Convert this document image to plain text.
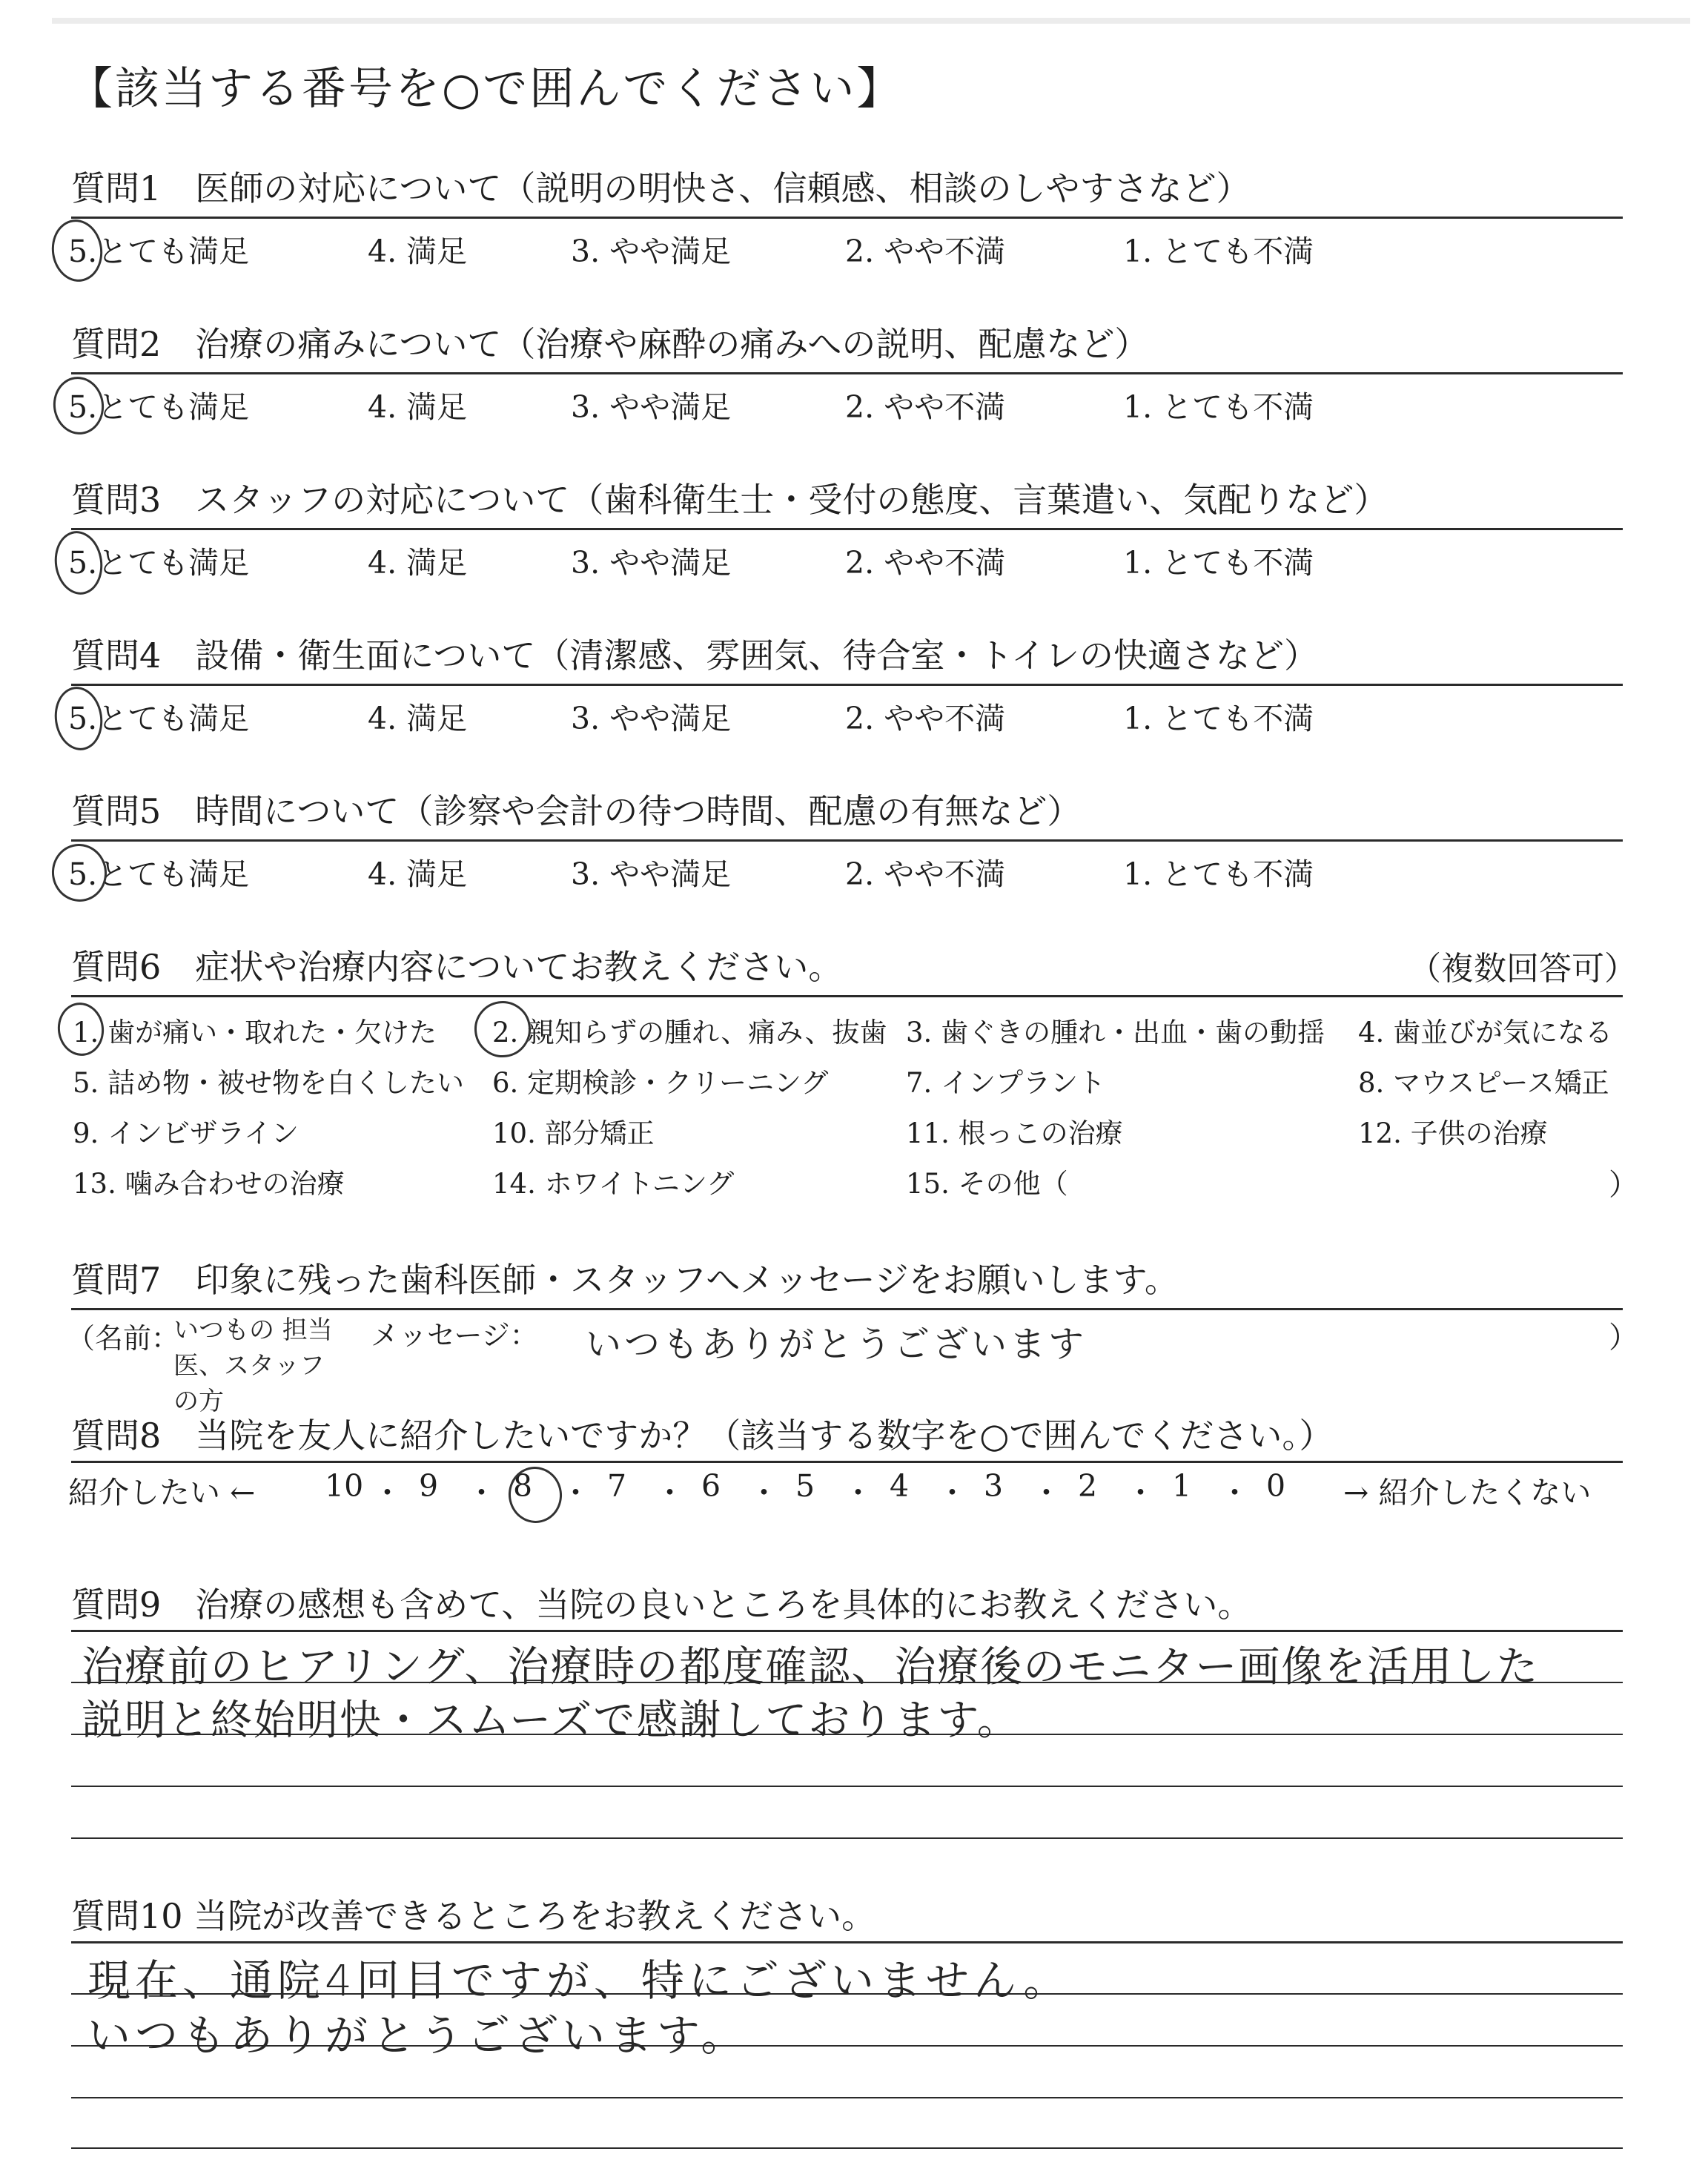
【該当する番号を○で囲んでください】
質問1　医師の対応について（説明の明快さ、信頼感、相談のしやすさなど）
5.とても満足	4. 満足	3. やや満足	2. やや不満	1. とても不満
質問2　治療の痛みについて（治療や麻酔の痛みへの説明、配慮など）
5.とても満足	4. 満足	3. やや満足	2. やや不満	1. とても不満
質問3　スタッフの対応について（歯科衛生士・受付の態度、言葉遣い、気配りなど）
5.とても満足	4. 満足	3. やや満足	2. やや不満	1. とても不満
質問4　設備・衛生面について（清潔感、雰囲気、待合室・トイレの快適さなど）
5.とても満足	4. 満足	3. やや満足	2. やや不満	1. とても不満
質問5　時間について（診察や会計の待つ時間、配慮の有無など）
5.とても満足	4. 満足	3. やや満足	2. やや不満	1. とても不満
質問6　症状や治療内容についてお教えください。	（複数回答可）
1. 歯が痛い・取れた・欠けた 2. 親知らずの腫れ、痛み、抜歯 3. 歯ぐきの腫れ・出血・歯の動揺 4. 歯並びが気になる
5. 詰め物・被せ物を白くしたい 6. 定期検診・クリーニング	7. インプラント	8. マウスピース矯正
9. インビザライン	10. 部分矯正	11. 根っこの治療	12. 子供の治療
13. 噛み合わせの治療	14. ホワイトニング	15. その他（	）
質問7　印象に残った歯科医師・スタッフへメッセージをお願いします。
（名前：	メッセージ：	）
いつもの 担当医、スタッフの方
いつもありがとうございます
質問8　当院を友人に紹介したいですか？（該当する数字を○で囲んでください。）
紹介したい ←	→ 紹介したくない
10 ・ 9 ・ 8 ・ 7 ・ 6 ・ 5 ・ 4 ・ 3 ・ 2 ・ 1 ・ 0
質問9　治療の感想も含めて、当院の良いところを具体的にお教えください。
治療前のヒアリング、治療時の都度確認、治療後のモニター画像を活用した
説明と終始明快・スムーズで感謝しております。
質問10 当院が改善できるところをお教えください。
現在、通院4回目ですが、特にございません。
いつもありがとうございます。
